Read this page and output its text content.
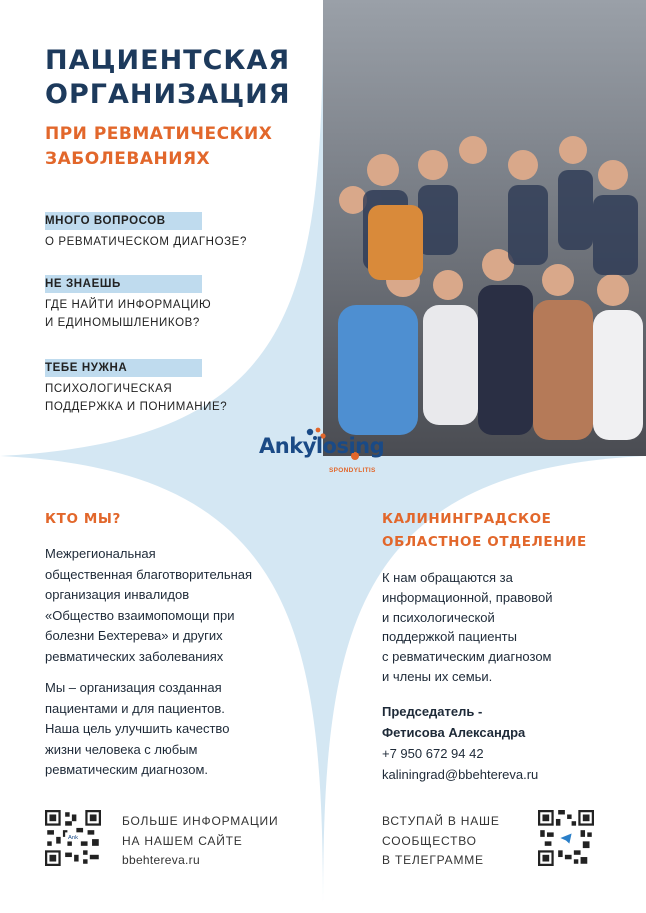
ПАЦИЕНТСКАЯ
ОРГАНИЗАЦИЯ
ПРИ РЕВМАТИЧЕСКИХ
ЗАБОЛЕВАНИЯХ
МНОГО ВОПРОСОВ
О РЕВМАТИЧЕСКОМ ДИАГНОЗЕ?
НЕ ЗНАЕШЬ
ГДЕ НАЙТИ ИНФОРМАЦИЮ
И ЕДИНОМЫШЛЕНИКОВ?
ТЕБЕ НУЖНА
ПСИХОЛОГИЧЕСКАЯ
ПОДДЕРЖКА И ПОНИМАНИЕ?
Ankylosing
SPONDYLITIS
КТО МЫ?
Межрегиональная
общественная благотворительная
организация инвалидов
«Общество взаимопомощи при
болезни Бехтерева» и других
ревматических заболеваниях
Мы – организация созданная
пациентами и для пациентов.
Наша цель улучшить качество
жизни человека с любым
ревматическим диагнозом.
КАЛИНИНГРАДСКОЕ
ОБЛАСТНОЕ ОТДЕЛЕНИЕ
К нам обращаются за
информационной, правовой
и психологической
поддержкой пациенты
с ревматическим диагнозом
и члены их семьи.
Председатель -
Фетисова Александра
+7 950 672 94 42
kaliningrad@bbehtereva.ru
Ank
БОЛЬШЕ ИНФОРМАЦИИ
НА НАШЕМ САЙТЕ
bbehtereva.ru
ВСТУПАЙ В НАШЕ
СООБЩЕСТВО
В ТЕЛЕГРАММЕ
